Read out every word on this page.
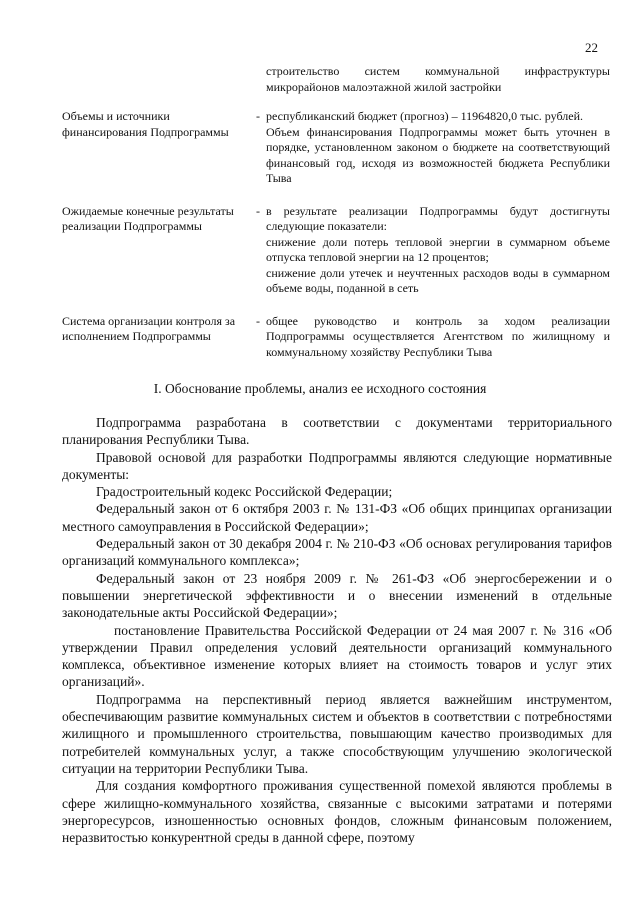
22

строительство систем коммунальной инфраструктуры микрорайонов малоэтажной жилой застройки

Объемы и источники финансирования Подпрограммы
- республиканский бюджет (прогноз) – 11964820,0 тыс. рублей.

Объем финансирования Подпрограммы может быть уточнен в порядке, установленном законом о бюджете на соответствующий финансовый год, исходя из возможностей бюджета Республики Тыва

Ожидаемые конечные результаты реализации Подпрограммы
- в результате реализации Подпрограммы будут достигнуты следующие показатели:

снижение доли потерь тепловой энергии в суммарном объеме отпуска тепловой энергии на 12 процентов;

снижение доли утечек и неучтенных расходов воды в суммарном объеме воды, поданной в сеть

Система организации контроля за исполнением Подпрограммы
- общее руководство и контроль за ходом реализации Подпрограммы осуществляется Агентством по жилищному и коммунальному хозяйству Республики Тыва

I. Обоснование проблемы, анализ ее исходного состояния

Подпрограмма разработана в соответствии с документами территориального планирования Республики Тыва.

Правовой основой для разработки Подпрограммы являются следующие нормативные документы:

Градостроительный кодекс Российской Федерации;

Федеральный закон от 6 октября 2003 г. № 131-ФЗ «Об общих принципах организации местного самоуправления в Российской Федерации»;

Федеральный закон от 30 декабря 2004 г. № 210-ФЗ «Об основах регулирования тарифов организаций коммунального комплекса»;

Федеральный закон от 23 ноября 2009 г. № 261-ФЗ «Об энергосбережении и о повышении энергетической эффективности и о внесении изменений в отдельные законодательные акты Российской Федерации»;

постановление Правительства Российской Федерации от 24 мая 2007 г. № 316 «Об утверждении Правил определения условий деятельности организаций коммунального комплекса, объективное изменение которых влияет на стоимость товаров и услуг этих организаций».

Подпрограмма на перспективный период является важнейшим инструментом, обеспечивающим развитие коммунальных систем и объектов в соответствии с потребностями жилищного и промышленного строительства, повышающим качество производимых для потребителей коммунальных услуг, а также способствующим улучшению экологической ситуации на территории Республики Тыва.

Для создания комфортного проживания существенной помехой являются проблемы в сфере жилищно-коммунального хозяйства, связанные с высокими затратами и потерями энергоресурсов, изношенностью основных фондов, сложным финансовым положением, неразвитостью конкурентной среды в данной сфере, поэтому
